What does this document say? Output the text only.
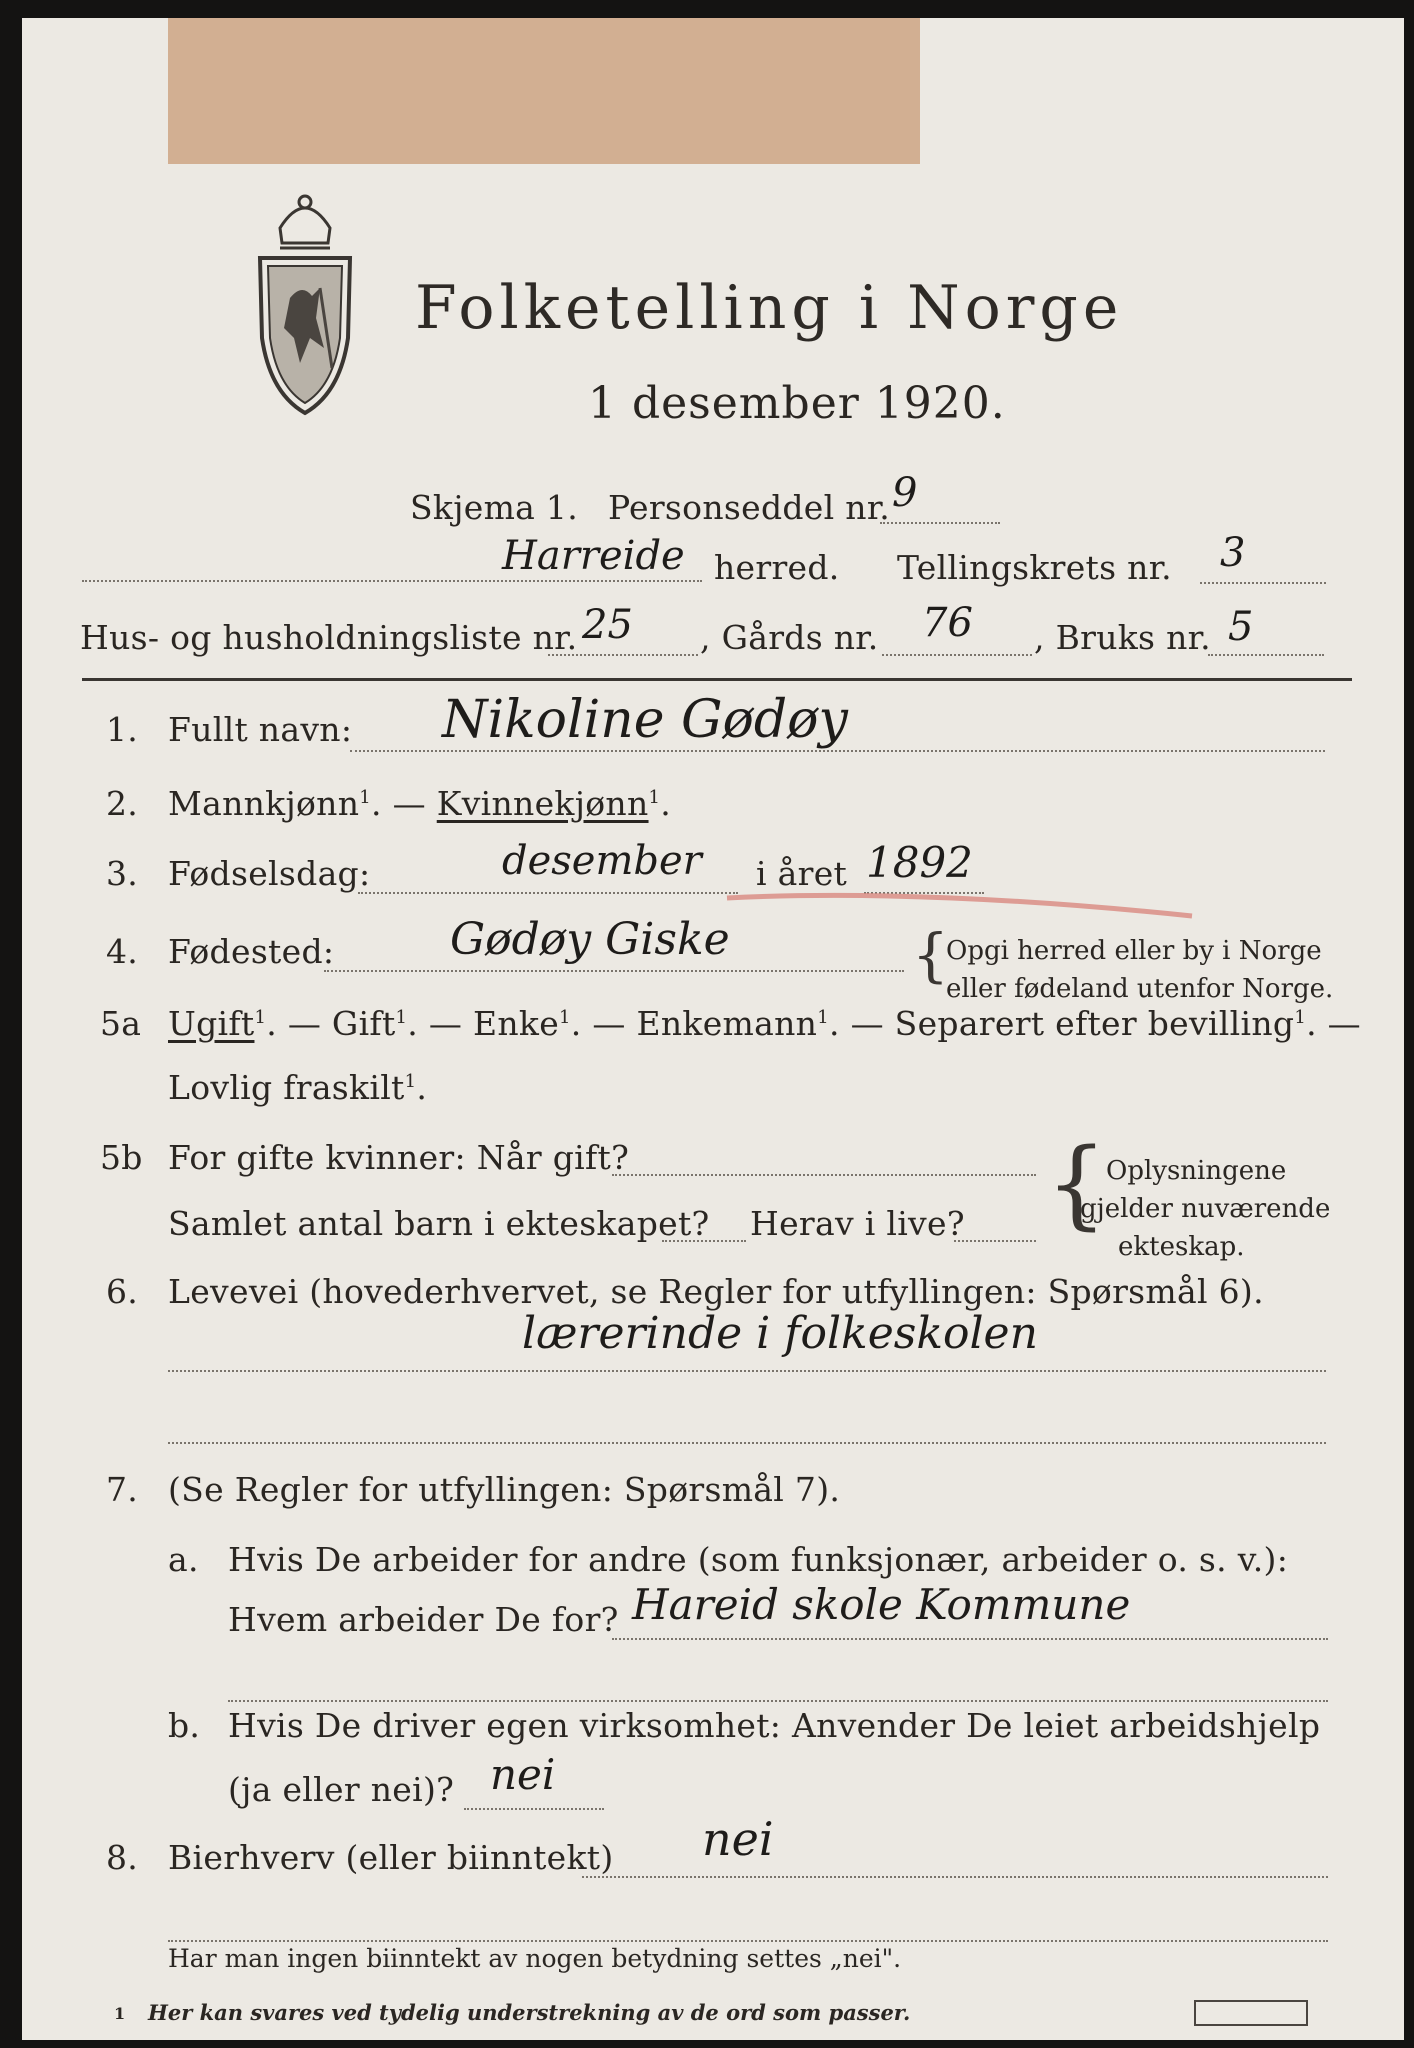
Folketelling i Norge
1 desember 1920.
Skjema 1. Personseddel nr. 9
Harreide herred. Tellingskrets nr. 3
Hus- og husholdningsliste nr. 25 , Gårds nr. 76 , Bruks nr. 5
1. Fullt navn: Nikoline Gødøy
2. Mannkjønn$^1$. — Kvinnekjønn$^1$.
3. Fødselsdag:	desember i året 1892
4. Fødested:	Gødøy Giske	{
Opgi herred eller by i Norge
eller fødeland utenfor Norge.
5a Ugift$^1$. — Gift$^1$. — Enke$^1$. — Enkemann$^1$. — Separert efter bevilling$^1$. —
Lovlig fraskilt$^1$.
5b For gifte kvinner: Når gift?
Samlet antal barn i ekteskapet? Herav i live? {
Oplysningene
gjelder nuværende
ekteskap.
6. Levevei (hovederhvervet, se Regler for utfyllingen: Spørsmål 6).
lærerinde i folkeskolen
7. (Se Regler for utfyllingen: Spørsmål 7).
a. Hvis De arbeider for andre (som funksjonær, arbeider o. s. v.):
Hvem arbeider De for? Hareid skole Kommune
b. Hvis De driver egen virksomhet: Anvender De leiet arbeidshjelp
(ja eller nei)? nei
8. Bierhverv (eller biinntekt) nei
Har man ingen biinntekt av nogen betydning settes „nei".
1 Her kan svares ved tydelig understrekning av de ord som passer.
